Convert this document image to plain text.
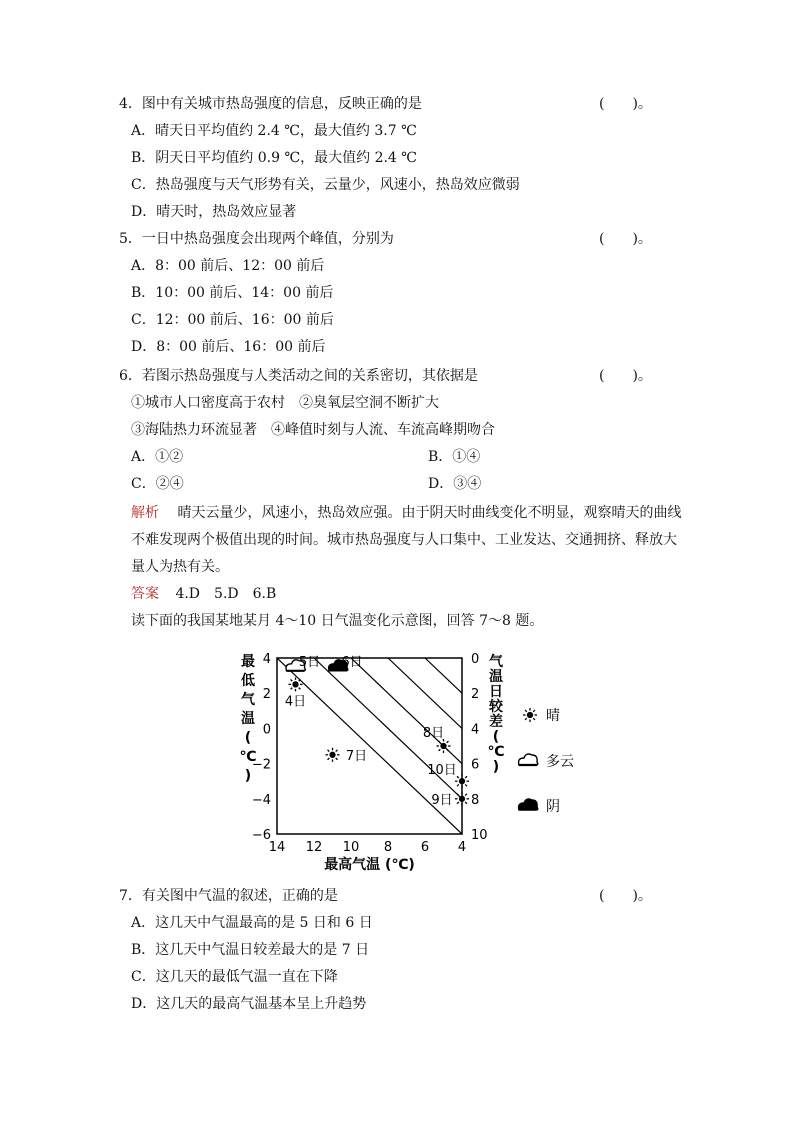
4．图中有关城市热岛强度的信息，反映正确的是	(　　)。
A．晴天日平均值约 2.4 ℃，最大值约 3.7 ℃
B．阴天日平均值约 0.9 ℃，最大值约 2.4 ℃
C．热岛强度与天气形势有关，云量少，风速小，热岛效应微弱
D．晴天时，热岛效应显著
5．一日中热岛强度会出现两个峰值，分别为	(　　)。
A．8：00 前后、12：00 前后
B．10：00 前后、14：00 前后
C．12：00 前后、16：00 前后
D．8：00 前后、16：00 前后
6．若图示热岛强度与人类活动之间的关系密切，其依据是	(　　)。
①城市人口密度高于农村　②臭氧层空洞不断扩大
③海陆热力环流显著　④峰值时刻与人流、车流高峰期吻合
A．①②	B．①④
C．②④	D．③④
解析 晴天云量少，风速小，热岛效应强。由于阴天时曲线变化不明显，观察晴天的曲线
不难发现两个极值出现的时间。城市热岛强度与人口集中、工业发达、交通拥挤、释放大
量人为热有关。
答案 4.D　5.D　6.B
读下面的我国某地某月 4～10 日气温变化示意图，回答 7～8 题。
14 12 10 8 6 4
4
2
0
−2
−4
−6
0
2
4
6
8
10
4日
5日 6日
7日
8日
9日
10日
最高气温 (℃)
最
低
气
温
(
℃
)
气
温
日
较
差
(
℃
)
晴
多云
阴
7．有关图中气温的叙述，正确的是	(　　)。
A．这几天中气温最高的是 5 日和 6 日
B．这几天中气温日较差最大的是 7 日
C．这几天的最低气温一直在下降
D．这几天的最高气温基本呈上升趋势
